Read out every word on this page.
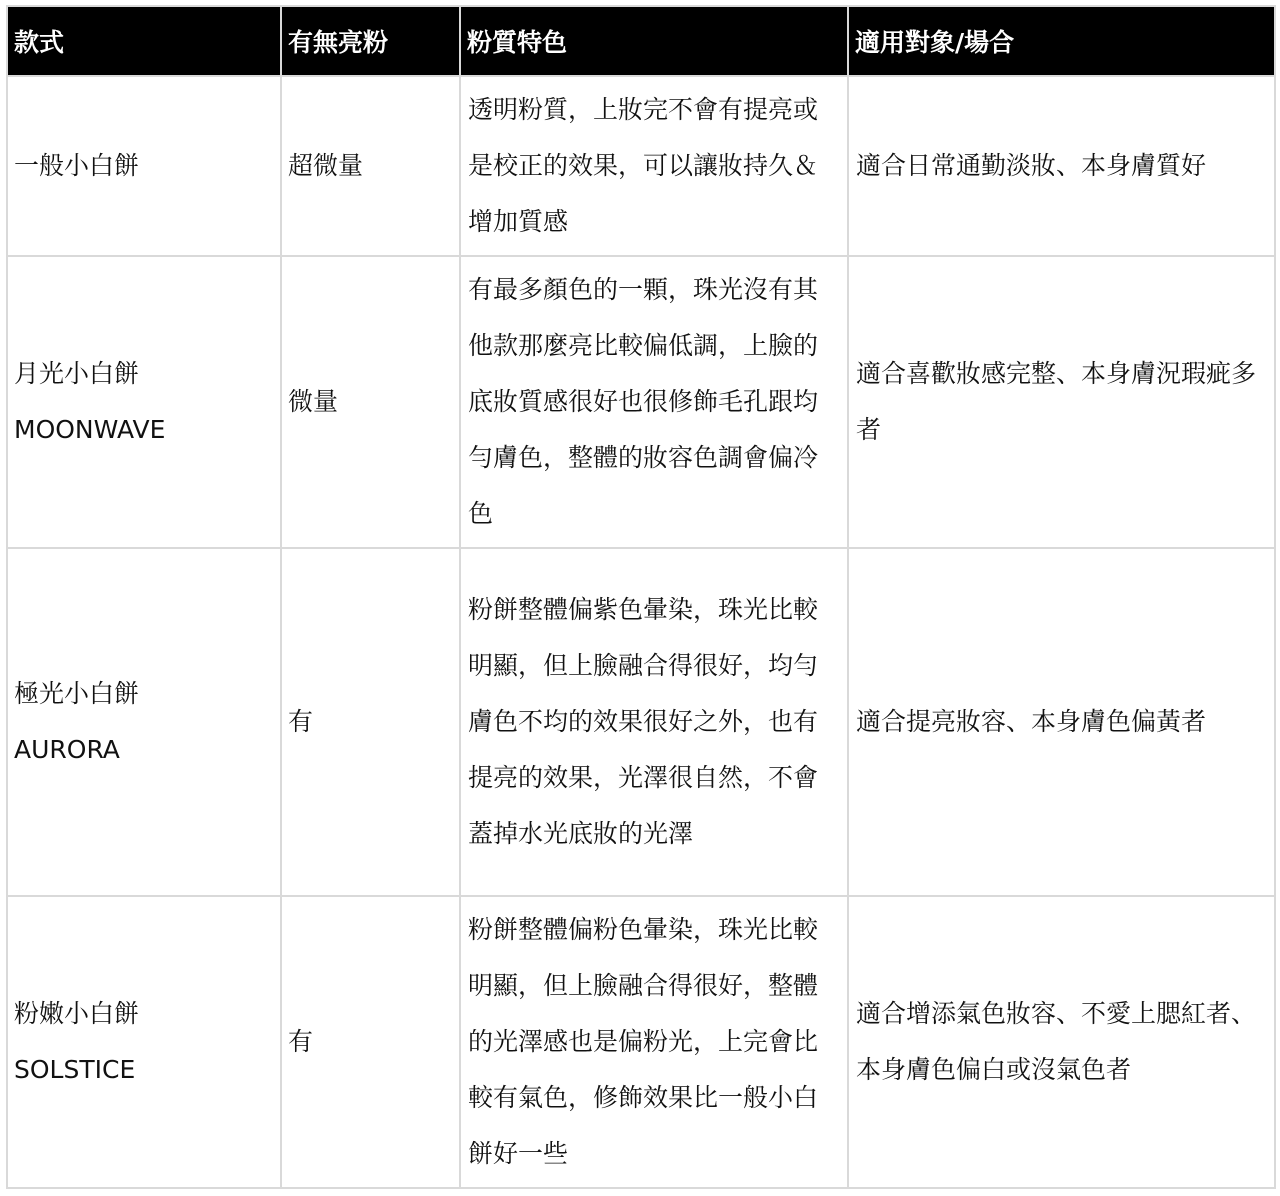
款式	有無亮粉	粉質特色	適用對象/場合

一般小白餅	超微量	透明粉質，上妝完不會有提亮或是校正的效果，可以讓妝持久＆增加質感	適合日常通勤淡妝、本身膚質好

月光小白餅
MOONWAVE	微量	有最多顏色的一顆，珠光沒有其他款那麼亮比較偏低調，上臉的底妝質感很好也很修飾毛孔跟均勻膚色，整體的妝容色調會偏冷色	適合喜歡妝感完整、本身膚況瑕疵多者

極光小白餅
AURORA	有	粉餅整體偏紫色暈染，珠光比較明顯，但上臉融合得很好，均勻膚色不均的效果很好之外，也有提亮的效果，光澤很自然，不會蓋掉水光底妝的光澤	適合提亮妝容、本身膚色偏黃者

粉嫩小白餅
SOLSTICE	有	粉餅整體偏粉色暈染，珠光比較明顯，但上臉融合得很好，整體的光澤感也是偏粉光，上完會比較有氣色，修飾效果比一般小白餅好一些	適合增添氣色妝容、不愛上腮紅者、本身膚色偏白或沒氣色者
